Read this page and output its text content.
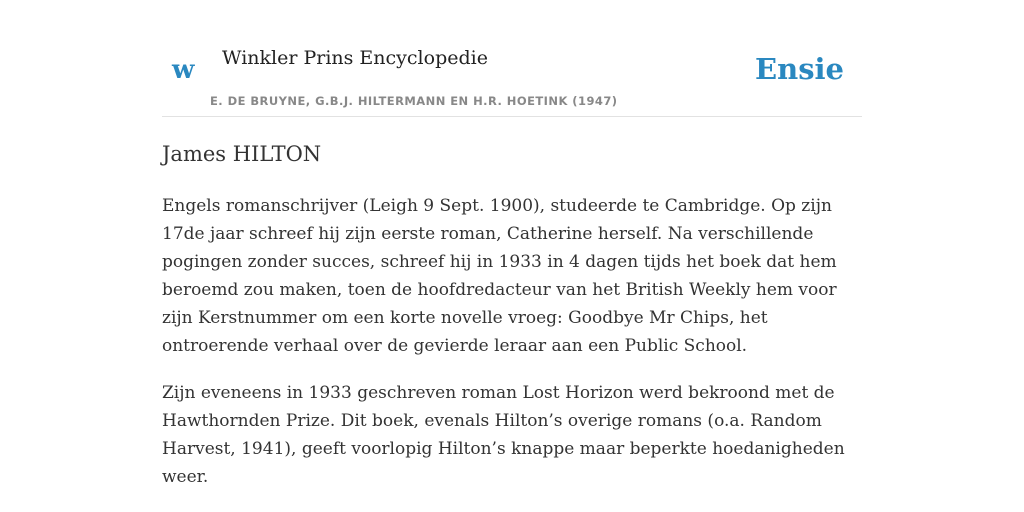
w Winkler Prins Encyclopedie
E. DE BRUYNE, G.B.J. HILTERMANN EN H.R. HOETINK (1947)
Ensie
James HILTON

Engels romanschrijver (Leigh 9 Sept. 1900), studeerde te Cambridge. Op zijn 17de jaar schreef hij zijn eerste roman, Catherine herself. Na verschillende pogingen zonder succes, schreef hij in 1933 in 4 dagen tijds het boek dat hem beroemd zou maken, toen de hoofdredacteur van het British Weekly hem voor zijn Kerstnummer om een korte novelle vroeg: Goodbye Mr Chips, het ontroerende verhaal over de gevierde leraar aan een Public School.

Zijn eveneens in 1933 geschreven roman Lost Horizon werd bekroond met de Hawthornden Prize. Dit boek, evenals Hilton’s overige romans (o.a. Random Harvest, 1941), geeft voorlopig Hilton’s knappe maar beperkte hoedanigheden weer.
